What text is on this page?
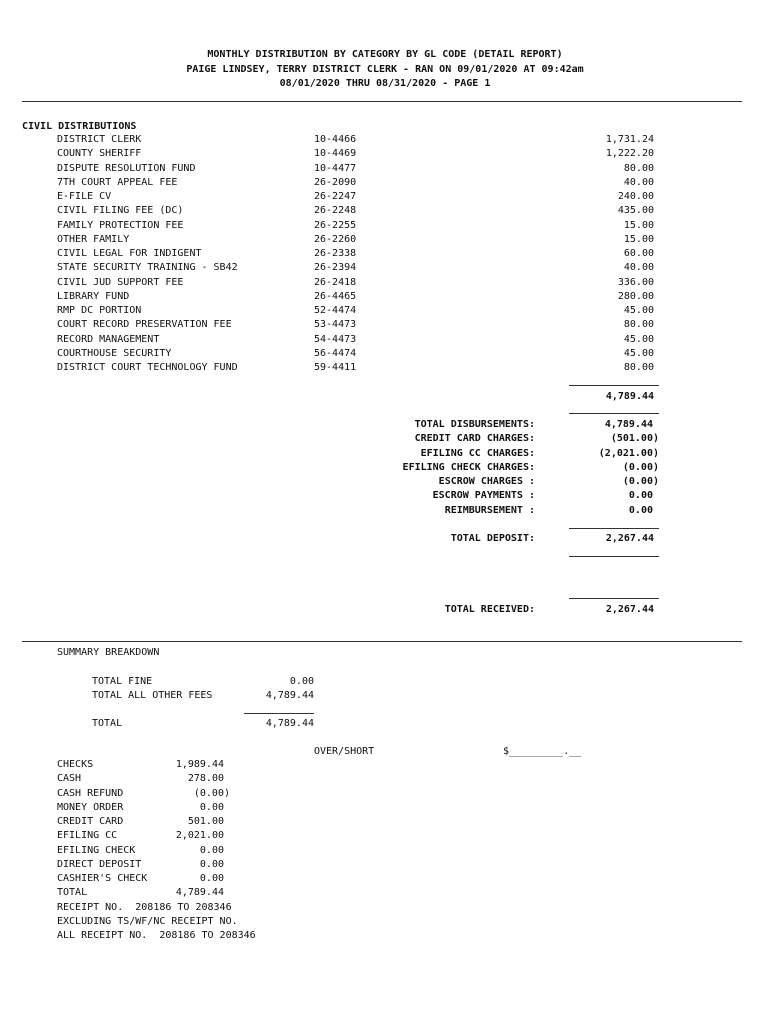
MONTHLY DISTRIBUTION BY CATEGORY BY GL CODE (DETAIL REPORT)
PAIGE LINDSEY, TERRY DISTRICT CLERK - RAN ON 09/01/2020 AT 09:42am
08/01/2020 THRU 08/31/2020 - PAGE 1
CIVIL DISTRIBUTIONS
DISTRICT CLERK	10-4466	1,731.24
COUNTY SHERIFF	10-4469	1,222.20
DISPUTE RESOLUTION FUND	10-4477	80.00
7TH COURT APPEAL FEE	26-2090	40.00
E-FILE CV	26-2247	240.00
CIVIL FILING FEE (DC)	26-2248	435.00
FAMILY PROTECTION FEE	26-2255	15.00
OTHER FAMILY	26-2260	15.00
CIVIL LEGAL FOR INDIGENT	26-2338	60.00
STATE SECURITY TRAINING - SB42	26-2394	40.00
CIVIL JUD SUPPORT FEE	26-2418	336.00
LIBRARY FUND	26-4465	280.00
RMP DC PORTION	52-4474	45.00
COURT RECORD PRESERVATION FEE	53-4473	80.00
RECORD MANAGEMENT	54-4473	45.00
COURTHOUSE SECURITY	56-4474	45.00
DISTRICT COURT TECHNOLOGY FUND	59-4411	80.00
4,789.44
TOTAL DISBURSEMENTS:	4,789.44
CREDIT CARD CHARGES:	(501.00)
EFILING CC CHARGES:	(2,021.00)
EFILING CHECK CHARGES:	(0.00)
ESCROW CHARGES :	(0.00)
ESCROW PAYMENTS :	0.00
REIMBURSEMENT :	0.00
TOTAL DEPOSIT:	2,267.44
TOTAL RECEIVED:	2,267.44
SUMMARY BREAKDOWN
TOTAL FINE	0.00
TOTAL ALL OTHER FEES	4,789.44
TOTAL	4,789.44
OVER/SHORT	$_________.__
CHECKS	1,989.44
CASH	278.00
CASH REFUND	(0.00)
MONEY ORDER	0.00
CREDIT CARD	501.00
EFILING CC	2,021.00
EFILING CHECK	0.00
DIRECT DEPOSIT	0.00
CASHIER'S CHECK	0.00
TOTAL	4,789.44
RECEIPT NO.  208186 TO 208346
EXCLUDING TS/WF/NC RECEIPT NO.
ALL RECEIPT NO.  208186 TO 208346
